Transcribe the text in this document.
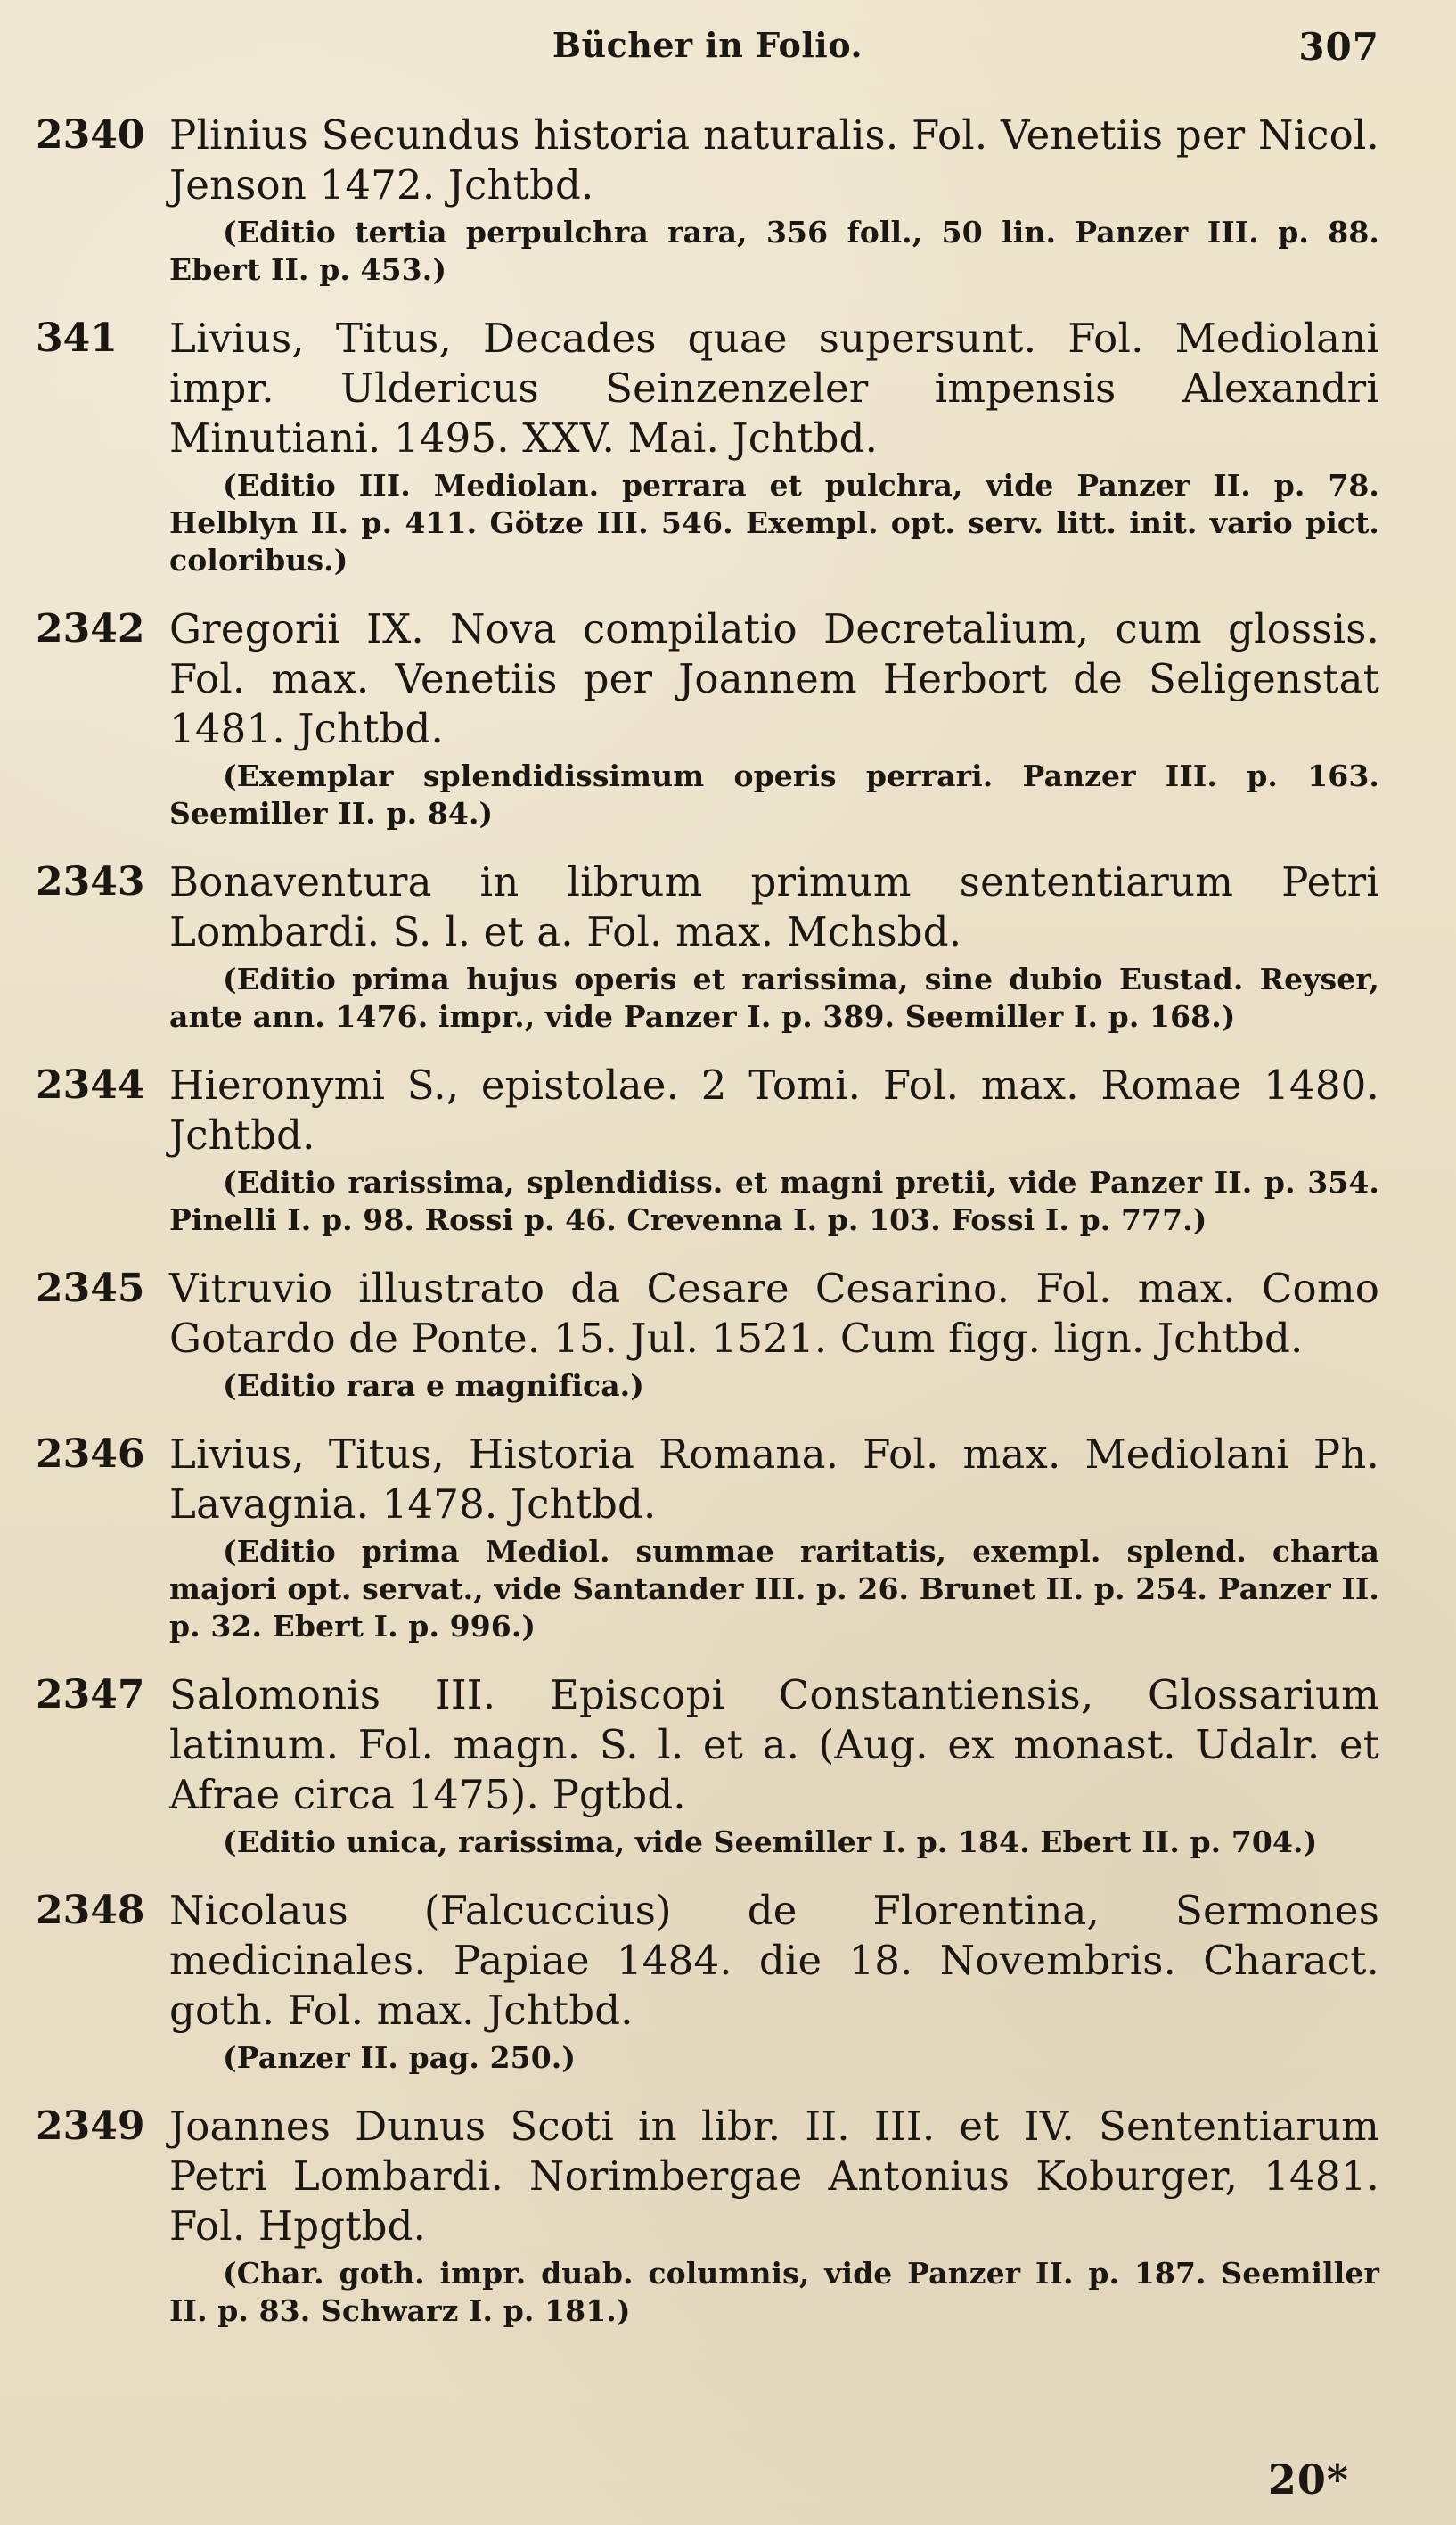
Bücher in Folio.	307
2340 Plinius Secundus historia naturalis. Fol. Venetiis per Nicol. Jenson 1472. Jchtbd.

(Editio tertia perpulchra rara, 356 foll., 50 lin. Panzer III. p. 88. Ebert II. p. 453.)

341	Livius, Titus, Decades quae supersunt. Fol. Mediolani impr. Uldericus Seinzenzeler impensis Alexandri Minutiani. 1495. XXV. Mai. Jchtbd.

(Editio III. Mediolan. perrara et pulchra, vide Panzer II. p. 78. Helblyn II. p. 411. Götze III. 546. Exempl. opt. serv. litt. init. vario pict. coloribus.)

2342 Gregorii IX. Nova compilatio Decretalium, cum glossis. Fol. max. Venetiis per Joannem Herbort de Seligenstat 1481. Jchtbd.

(Exemplar splendidissimum operis perrari. Panzer III. p. 163. Seemiller II. p. 84.)

2343 Bonaventura in librum primum sententiarum Petri Lombardi. S. l. et a. Fol. max. Mchsbd.

(Editio prima hujus operis et rarissima, sine dubio Eustad. Reyser, ante ann. 1476. impr., vide Panzer I. p. 389. Seemiller I. p. 168.)

2344 Hieronymi S., epistolae. 2 Tomi. Fol. max. Romae 1480. Jchtbd.

(Editio rarissima, splendidiss. et magni pretii, vide Panzer II. p. 354. Pinelli I. p. 98. Rossi p. 46. Crevenna I. p. 103. Fossi I. p. 777.)

2345 Vitruvio illustrato da Cesare Cesarino. Fol. max. Como Gotardo de Ponte. 15. Jul. 1521. Cum figg. lign. Jchtbd.

(Editio rara e magnifica.)

2346 Livius, Titus, Historia Romana. Fol. max. Mediolani Ph. Lavagnia. 1478. Jchtbd.

(Editio prima Mediol. summae raritatis, exempl. splend. charta majori opt. servat., vide Santander III. p. 26. Brunet II. p. 254. Panzer II. p. 32. Ebert I. p. 996.)

2347 Salomonis III. Episcopi Constantiensis, Glossarium latinum. Fol. magn. S. l. et a. (Aug. ex monast. Udalr. et Afrae circa 1475). Pgtbd.

(Editio unica, rarissima, vide Seemiller I. p. 184. Ebert II. p. 704.)

2348 Nicolaus (Falcuccius) de Florentina, Sermones medicinales. Papiae 1484. die 18. Novembris. Charact. goth. Fol. max. Jchtbd.

(Panzer II. pag. 250.)

2349 Joannes Dunus Scoti in libr. II. III. et IV. Sententiarum Petri Lombardi. Norimbergae Antonius Koburger, 1481. Fol. Hpgtbd.

(Char. goth. impr. duab. columnis, vide Panzer II. p. 187. Seemiller II. p. 83. Schwarz I. p. 181.)

20*
